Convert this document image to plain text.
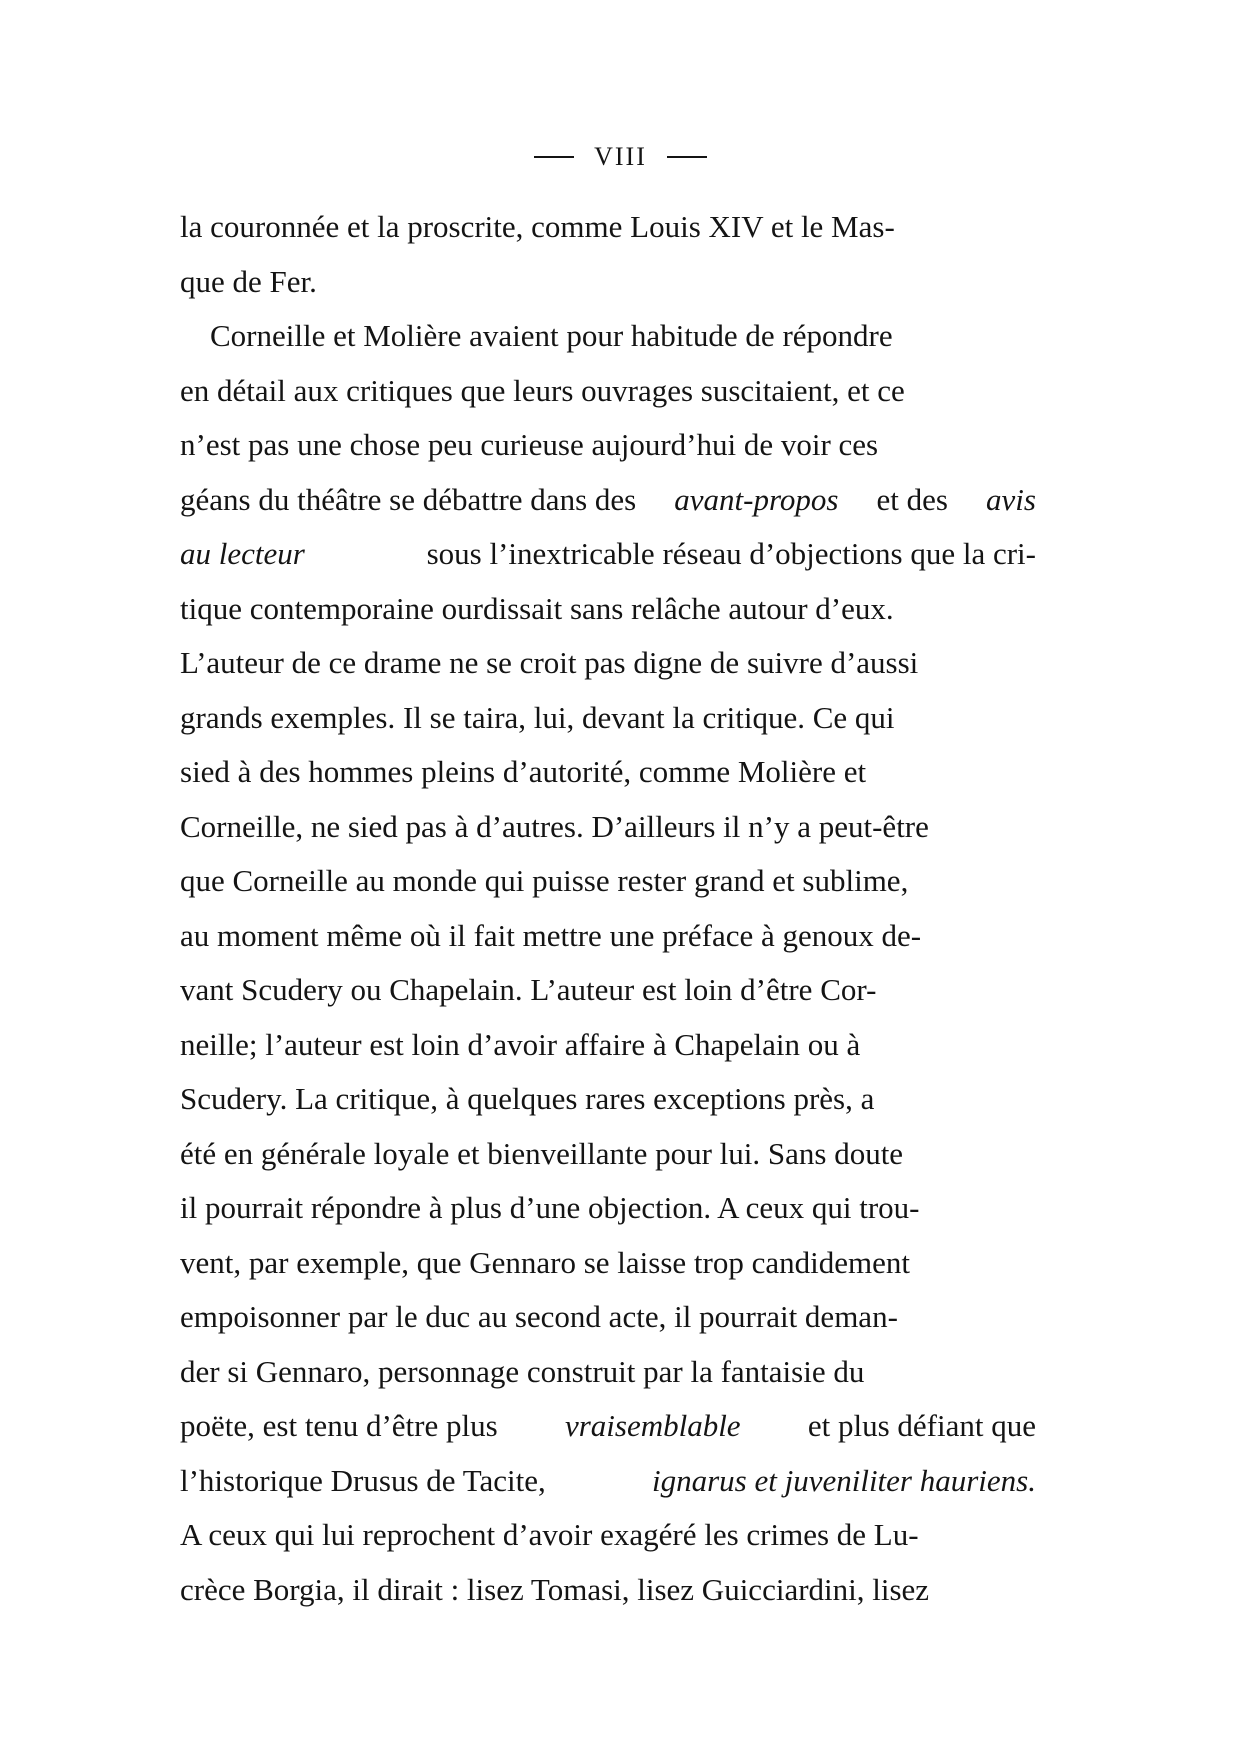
VIII
la couronnée et la proscrite, comme Louis XIV et le Mas-
que de Fer.
Corneille et Molière avaient pour habitude de répondre
en détail aux critiques que leurs ouvrages suscitaient, et ce
n’est pas une chose peu curieuse aujourd’hui de voir ces
géans du théâtre se débattre dans des avant-propos et des avis
au lecteur	sous l’inextricable réseau d’objections que la cri-
tique contemporaine ourdissait sans relâche autour d’eux.
L’auteur de ce drame ne se croit pas digne de suivre d’aussi
grands exemples. Il se taira, lui, devant la critique. Ce qui
sied à des hommes pleins d’autorité, comme Molière et
Corneille, ne sied pas à d’autres. D’ailleurs il n’y a peut-être
que Corneille au monde qui puisse rester grand et sublime,
au moment même où il fait mettre une préface à genoux de-
vant Scudery ou Chapelain. L’auteur est loin d’être Cor-
neille; l’auteur est loin d’avoir affaire à Chapelain ou à
Scudery. La critique, à quelques rares exceptions près, a
été en générale loyale et bienveillante pour lui. Sans doute
il pourrait répondre à plus d’une objection. A ceux qui trou-
vent, par exemple, que Gennaro se laisse trop candidement
empoisonner par le duc au second acte, il pourrait deman-
der si Gennaro, personnage construit par la fantaisie du
poëte, est tenu d’être plus vraisemblable et plus défiant que
l’historique Drusus de Tacite,	ignarus et juveniliter hauriens.
A ceux qui lui reprochent d’avoir exagéré les crimes de Lu-
crèce Borgia, il dirait : lisez Tomasi, lisez Guicciardini, lisez
